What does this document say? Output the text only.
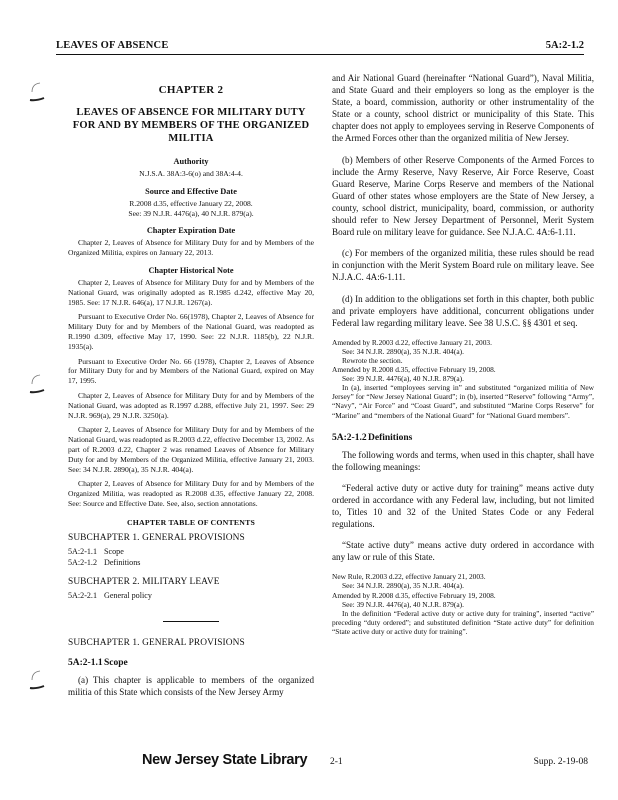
LEAVES OF ABSENCE	5A:2-1.2

CHAPTER 2

LEAVES OF ABSENCE FOR MILITARY DUTY FOR AND BY MEMBERS OF THE ORGANIZED MILITIA

Authority

N.J.S.A. 38A:3-6(o) and 38A:4-4.

Source and Effective Date

R.2008 d.35, effective January 22, 2008.

See: 39 N.J.R. 4476(a), 40 N.J.R. 879(a).

Chapter Expiration Date

Chapter 2, Leaves of Absence for Military Duty for and by Members of the Organized Militia, expires on January 22, 2013.

Chapter Historical Note

Chapter 2, Leaves of Absence for Military Duty for and by Members of the National Guard, was originally adopted as R.1985 d.242, effective May 20, 1985. See: 17 N.J.R. 646(a), 17 N.J.R. 1267(a).

Pursuant to Executive Order No. 66(1978), Chapter 2, Leaves of Absence for Military Duty for and by Members of the National Guard, was readopted as R.1990 d.309, effective May 17, 1990. See: 22 N.J.R. 1185(b), 22 N.J.R. 1935(a).

Pursuant to Executive Order No. 66 (1978), Chapter 2, Leaves of Absence for Military Duty for and by Members of the National Guard, expired on May 17, 1995.

Chapter 2, Leaves of Absence for Military Duty for and by Members of the National Guard, was adopted as R.1997 d.288, effective July 21, 1997. See: 29 N.J.R. 969(a), 29 N.J.R. 3250(a).

Chapter 2, Leaves of Absence for Military Duty for and by Members of the National Guard, was readopted as R.2003 d.22, effective December 13, 2002. As part of R.2003 d.22, Chapter 2 was renamed Leaves of Absence for Military Duty for and by Members of the Organized Militia, effective January 21, 2003. See: 34 N.J.R. 2890(a), 35 N.J.R. 404(a).

Chapter 2, Leaves of Absence for Military Duty for and by Members of the Organized Militia, was readopted as R.2008 d.35, effective January 22, 2008. See: Source and Effective Date. See, also, section annotations.

CHAPTER TABLE OF CONTENTS

SUBCHAPTER 1. GENERAL PROVISIONS

5A:2-1.1 Scope
5A:2-1.2 Definitions

SUBCHAPTER 2. MILITARY LEAVE

5A:2-2.1 General policy

SUBCHAPTER 1. GENERAL PROVISIONS

5A:2-1.1Scope

(a) This chapter is applicable to members of the organized militia of this State which consists of the New Jersey Army

and Air National Guard (hereinafter “National Guard”), Naval Militia, and State Guard and their employers so long as the employer is the State, a board, commission, authority or other instrumentality of the State or a county, school district or municipality of this State. This chapter does not apply to employees serving in Reserve Components of the Armed Forces other than the organized militia of New Jersey.

(b) Members of other Reserve Components of the Armed Forces to include the Army Reserve, Navy Reserve, Air Force Reserve, Coast Guard Reserve, Marine Corps Reserve and members of the National Guard of other states whose employers are the State of New Jersey, a county, school district, municipality, board, commission, or authority should refer to New Jersey Department of Personnel, Merit System Board rule on military leave for guidance. See N.J.A.C. 4A:6-1.11.

(c) For members of the organized militia, these rules should be read in conjunction with the Merit System Board rule on military leave. See N.J.A.C. 4A:6-1.11.

(d) In addition to the obligations set forth in this chapter, both public and private employers have additional, concurrent obligations under Federal law regarding military leave. See 38 U.S.C. §§ 4301 et seq.

Amended by R.2003 d.22, effective January 21, 2003.

See: 34 N.J.R. 2890(a), 35 N.J.R. 404(a).

Rewrote the section.

Amended by R.2008 d.35, effective February 19, 2008.

See: 39 N.J.R. 4476(a), 40 N.J.R. 879(a).

In (a), inserted “employees serving in” and substituted “organized militia of New Jersey” for “New Jersey National Guard”; in (b), inserted “Reserve” following “Army”, “Navy”, “Air Force” and “Coast Guard”, and substituted “Marine Corps Reserve” for “Marine” and “members of the National Guard” for “National Guard members”.

5A:2-1.2Definitions

The following words and terms, when used in this chapter, shall have the following meanings:

“Federal active duty or active duty for training” means active duty ordered in accordance with any Federal law, including, but not limited to, Titles 10 and 32 of the United States Code or any Federal regulations.

“State active duty” means active duty ordered in accordance with any law or rule of this State.

New Rule, R.2003 d.22, effective January 21, 2003.

See: 34 N.J.R. 2890(a), 35 N.J.R. 404(a).

Amended by R.2008 d.35, effective February 19, 2008.

See: 39 N.J.R. 4476(a), 40 N.J.R. 879(a).

In the definition “Federal active duty or active duty for training”, inserted “active” preceding “duty ordered”; and substituted definition “State active duty” for definition “State active duty or active duty for training”.

New Jersey State Library 2-1	Supp. 2-19-08
